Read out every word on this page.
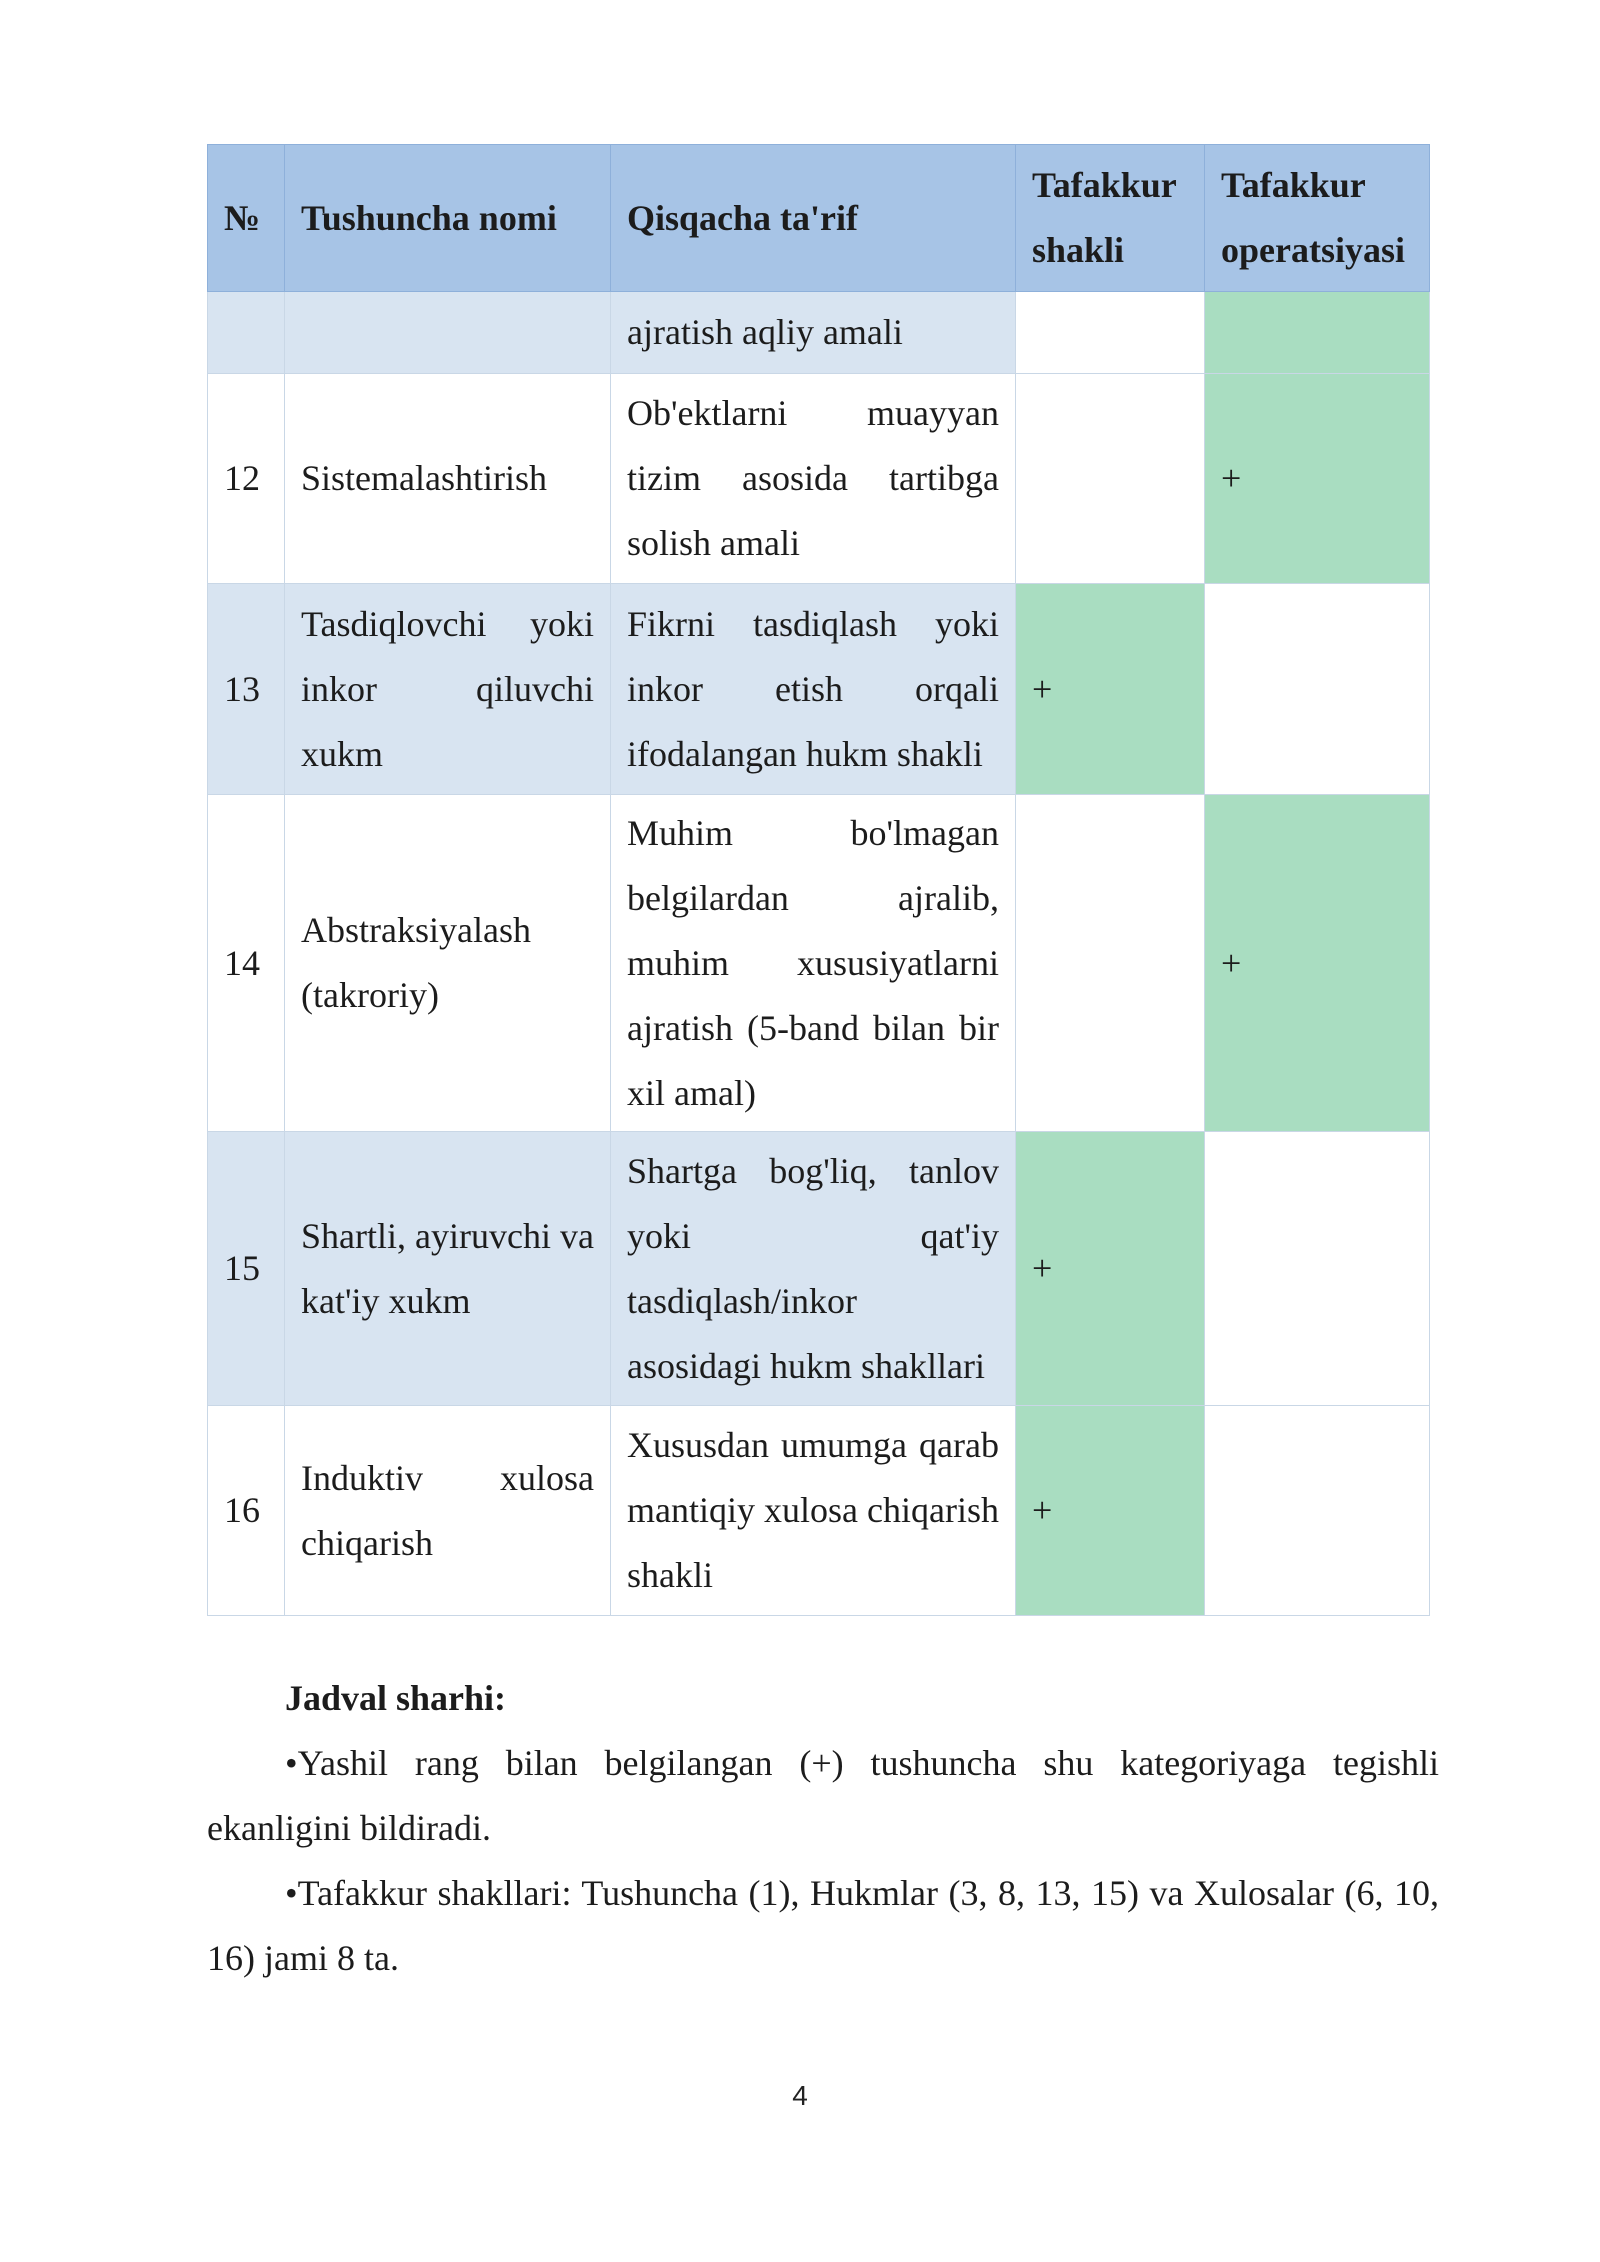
№	Tushuncha nomi	Qisqacha ta'rif	Tafakkur shakli	Tafakkur operatsiyasi
		ajratish aqliy amali		
12	Sistemalashtirish	Ob'ektlarni muayyan tizim asosida tartibga solish amali		+
13	Tasdiqlovchi yoki inkor qiluvchi xukm	Fikrni tasdiqlash yoki inkor etish orqali ifodalangan hukm shakli	+	
14	Abstraksiyalash (takroriy)	Muhim bo'lmagan belgilardan ajralib, muhim xususiyatlarni ajratish (5-band bilan bir xil amal)		+
15	Shartli, ayiruvchi va kat'iy xukm	Shartga bog'liq, tanlov yoki qat'iy tasdiqlash/inkor asosidagi hukm shakllari	+	
16	Induktiv xulosa chiqarish	Xususdan umumga qarab mantiqiy xulosa chiqarish shakli	+	
Jadval sharhi:

•Yashil rang bilan belgilangan (+) tushuncha shu kategoriyaga tegishli ekanligini bildiradi.

•Tafakkur shakllari: Tushuncha (1), Hukmlar (3, 8, 13, 15) va Xulosalar (6, 10, 16) jami 8 ta.

4
